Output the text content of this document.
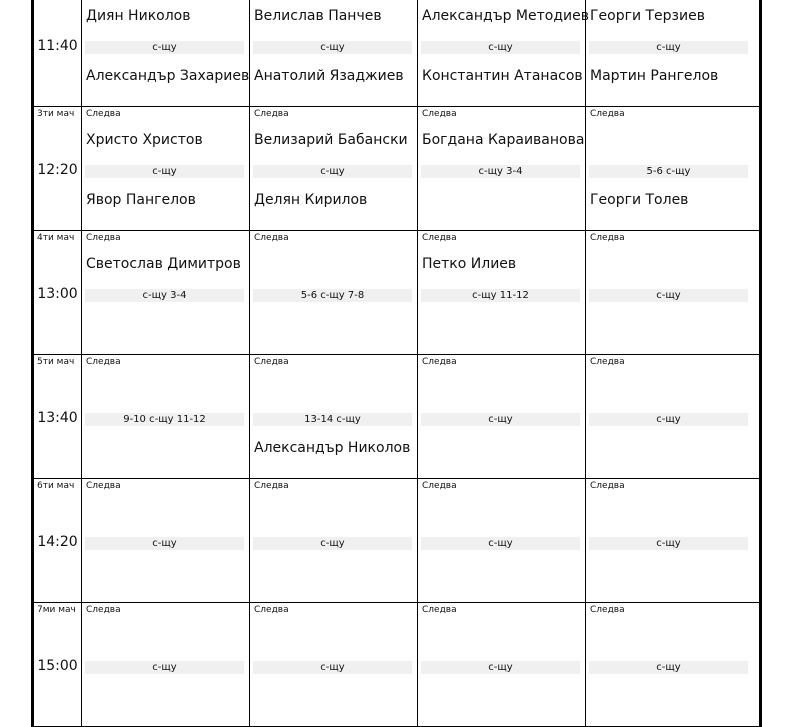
11:40
Диян Николов
с-щу
Александър Захариев
Велислав Панчев
с-щу
Анатолий Язаджиев
Александър Методиев
с-щу
Константин Атанасов
Георги Терзиев
с-щу
Мартин Рангелов
3ти мач
12:20
Следва
Христо Христов
с-щу
Явор Пангелов
Следва
Велизарий Бабански
с-щу
Делян Кирилов
Следва
Богдана Караиванова
с-щу 3-4
Следва
5-6 с-щу
Георги Толев
4ти мач
13:00
Следва
Светослав Димитров
с-щу 3-4
Следва
5-6 с-щу 7-8
Следва
Петко Илиев
с-щу 11-12
Следва
с-щу
5ти мач
13:40
Следва
9-10 с-щу 11-12
Следва
13-14 с-щу
Александър Николов
Следва
с-щу
Следва
с-щу
6ти мач
14:20
Следва
с-щу
Следва
с-щу
Следва
с-щу
Следва
с-щу
7ми мач
15:00
Следва
с-щу
Следва
с-щу
Следва
с-щу
Следва
с-щу
